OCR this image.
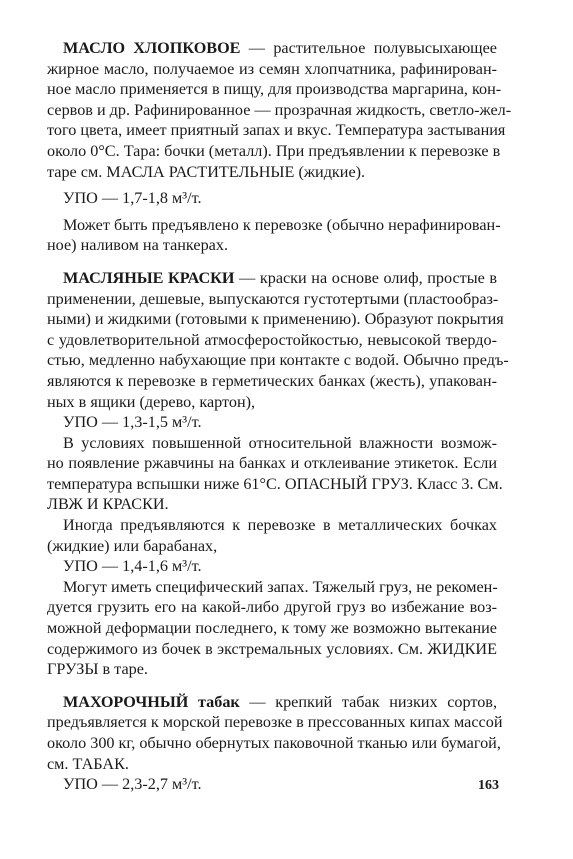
МАСЛО ХЛОПКОВОЕ — растительное полувысыхающее
жирное масло, получаемое из семян хлопчатника, рафинирован-
ное масло применяется в пищу, для производства маргарина, кон-
сервов и др. Рафинированное — прозрачная жидкость, светло-жел-
того цвета, имеет приятный запах и вкус. Температура застывания
около 0°С. Тара: бочки (металл). При предъявлении к перевозке в
таре см. МАСЛА РАСТИТЕЛЬНЫЕ (жидкие).
УПО — 1,7-1,8 м³/т.
Может быть предъявлено к перевозке (обычно нерафинирован-
ное) наливом на танкерах.
МАСЛЯНЫЕ КРАСКИ — краски на основе олиф, простые в
применении, дешевые, выпускаются густотертыми (пластообраз-
ными) и жидкими (готовыми к применению). Образуют покрытия
с удовлетворительной атмосферостойкостью, невысокой твердо-
стью, медленно набухающие при контакте с водой. Обычно предъ-
являются к перевозке в герметических банках (жесть), упакован-
ных в ящики (дерево, картон),
УПО — 1,3-1,5 м³/т.
В условиях повышенной относительной влажности возмож-
но появление ржавчины на банках и отклеивание этикеток. Если
температура вспышки ниже 61°С. ОПАСНЫЙ ГРУЗ. Класс 3. См.
ЛВЖ И КРАСКИ.
Иногда предъявляются к перевозке в металлических бочках
(жидкие) или барабанах,
УПО — 1,4-1,6 м³/т.
Могут иметь специфический запах. Тяжелый груз, не рекомен-
дуется грузить его на какой-либо другой груз во избежание воз-
можной деформации последнего, к тому же возможно вытекание
содержимого из бочек в экстремальных условиях. См. ЖИДКИЕ
ГРУЗЫ в таре.
МАХОРОЧНЫЙ табак — крепкий табак низких сортов,
предъявляется к морской перевозке в прессованных кипах массой
около 300 кг, обычно обернутых паковочной тканью или бумагой,
см. ТАБАК.
УПО — 2,3-2,7 м³/т.	163
